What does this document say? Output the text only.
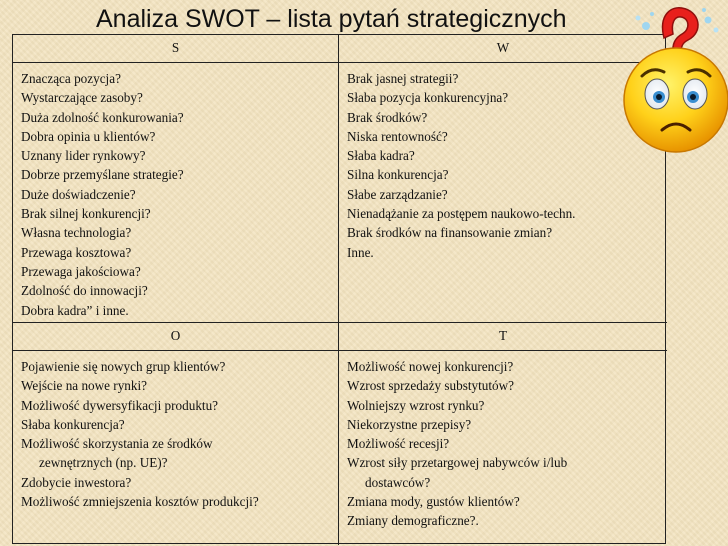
Analiza SWOT – lista pytań strategicznych
S	W
Znacząca pozycja?
Wystarczające zasoby?
Duża zdolność konkurowania?
Dobra opinia u klientów?
Uznany lider rynkowy?
Dobrze przemyślane strategie?
Duże doświadczenie?
Brak silnej konkurencji?
Własna technologia?
Przewaga kosztowa?
Przewaga jakościowa?
Zdolność do innowacji?
Dobra kadra” i inne.
Brak jasnej strategii?
Słaba pozycja konkurencyjna?
Brak środków?
Niska rentowność?
Słaba kadra?
Silna konkurencja?
Słabe zarządzanie?
Nienadążanie za postępem naukowo-techn.
Brak środków na finansowanie zmian?
Inne.
O	T
Pojawienie się nowych grup klientów?
Wejście na nowe rynki?
Możliwość dywersyfikacji produktu?
Słaba konkurencja?
Możliwość skorzystania ze środków
zewnętrznych (np. UE)?
Zdobycie inwestora?
Możliwość zmniejszenia kosztów produkcji?
Możliwość nowej konkurencji?
Wzrost sprzedaży substytutów?
Wolniejszy wzrost rynku?
Niekorzystne przepisy?
Możliwość recesji?
Wzrost siły przetargowej nabywców i/lub
dostawców?
Zmiana mody, gustów klientów?
Zmiany demograficzne?.
